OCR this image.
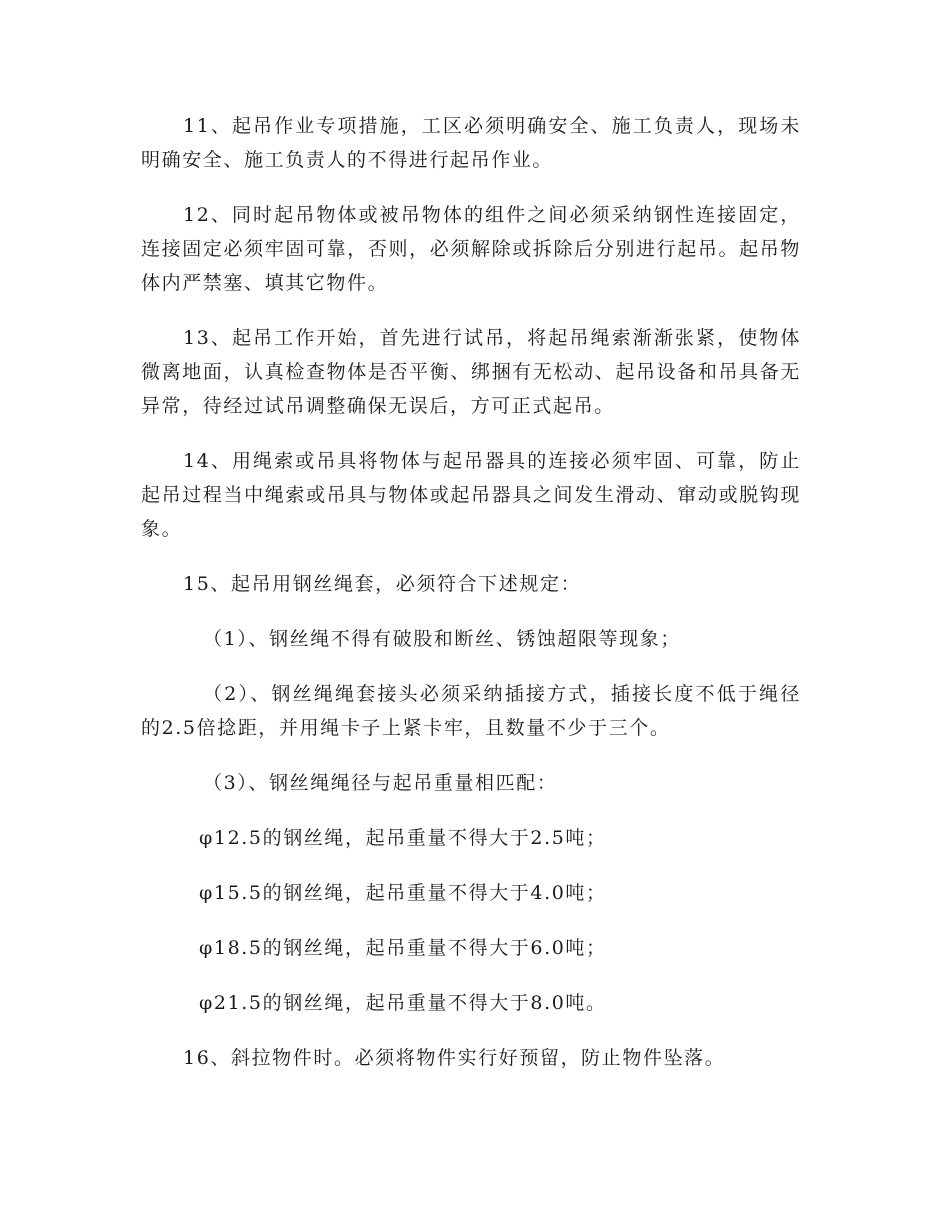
11、起吊作业专项措施，工区必须明确安全、施工负责人，现场未明确安全、施工负责人的不得进行起吊作业。

12、同时起吊物体或被吊物体的组件之间必须采纳钢性连接固定，连接固定必须牢固可靠，否则，必须解除或拆除后分别进行起吊。起吊物体内严禁塞、填其它物件。

13、起吊工作开始，首先进行试吊，将起吊绳索渐渐张紧，使物体微离地面，认真检查物体是否平衡、绑捆有无松动、起吊设备和吊具备无异常，待经过试吊调整确保无误后，方可正式起吊。

14、用绳索或吊具将物体与起吊器具的连接必须牢固、可靠，防止起吊过程当中绳索或吊具与物体或起吊器具之间发生滑动、窜动或脱钩现象。

15、起吊用钢丝绳套，必须符合下述规定：

（1）、钢丝绳不得有破股和断丝、锈蚀超限等现象；

（2）、钢丝绳绳套接头必须采纳插接方式，插接长度不低于绳径的2.5倍捻距，并用绳卡子上紧卡牢，且数量不少于三个。

（3）、钢丝绳绳径与起吊重量相匹配：

φ12.5的钢丝绳，起吊重量不得大于2.5吨；

φ15.5的钢丝绳，起吊重量不得大于4.0吨；

φ18.5的钢丝绳，起吊重量不得大于6.0吨；

φ21.5的钢丝绳，起吊重量不得大于8.0吨。

16、斜拉物件时。必须将物件实行好预留，防止物件坠落。
